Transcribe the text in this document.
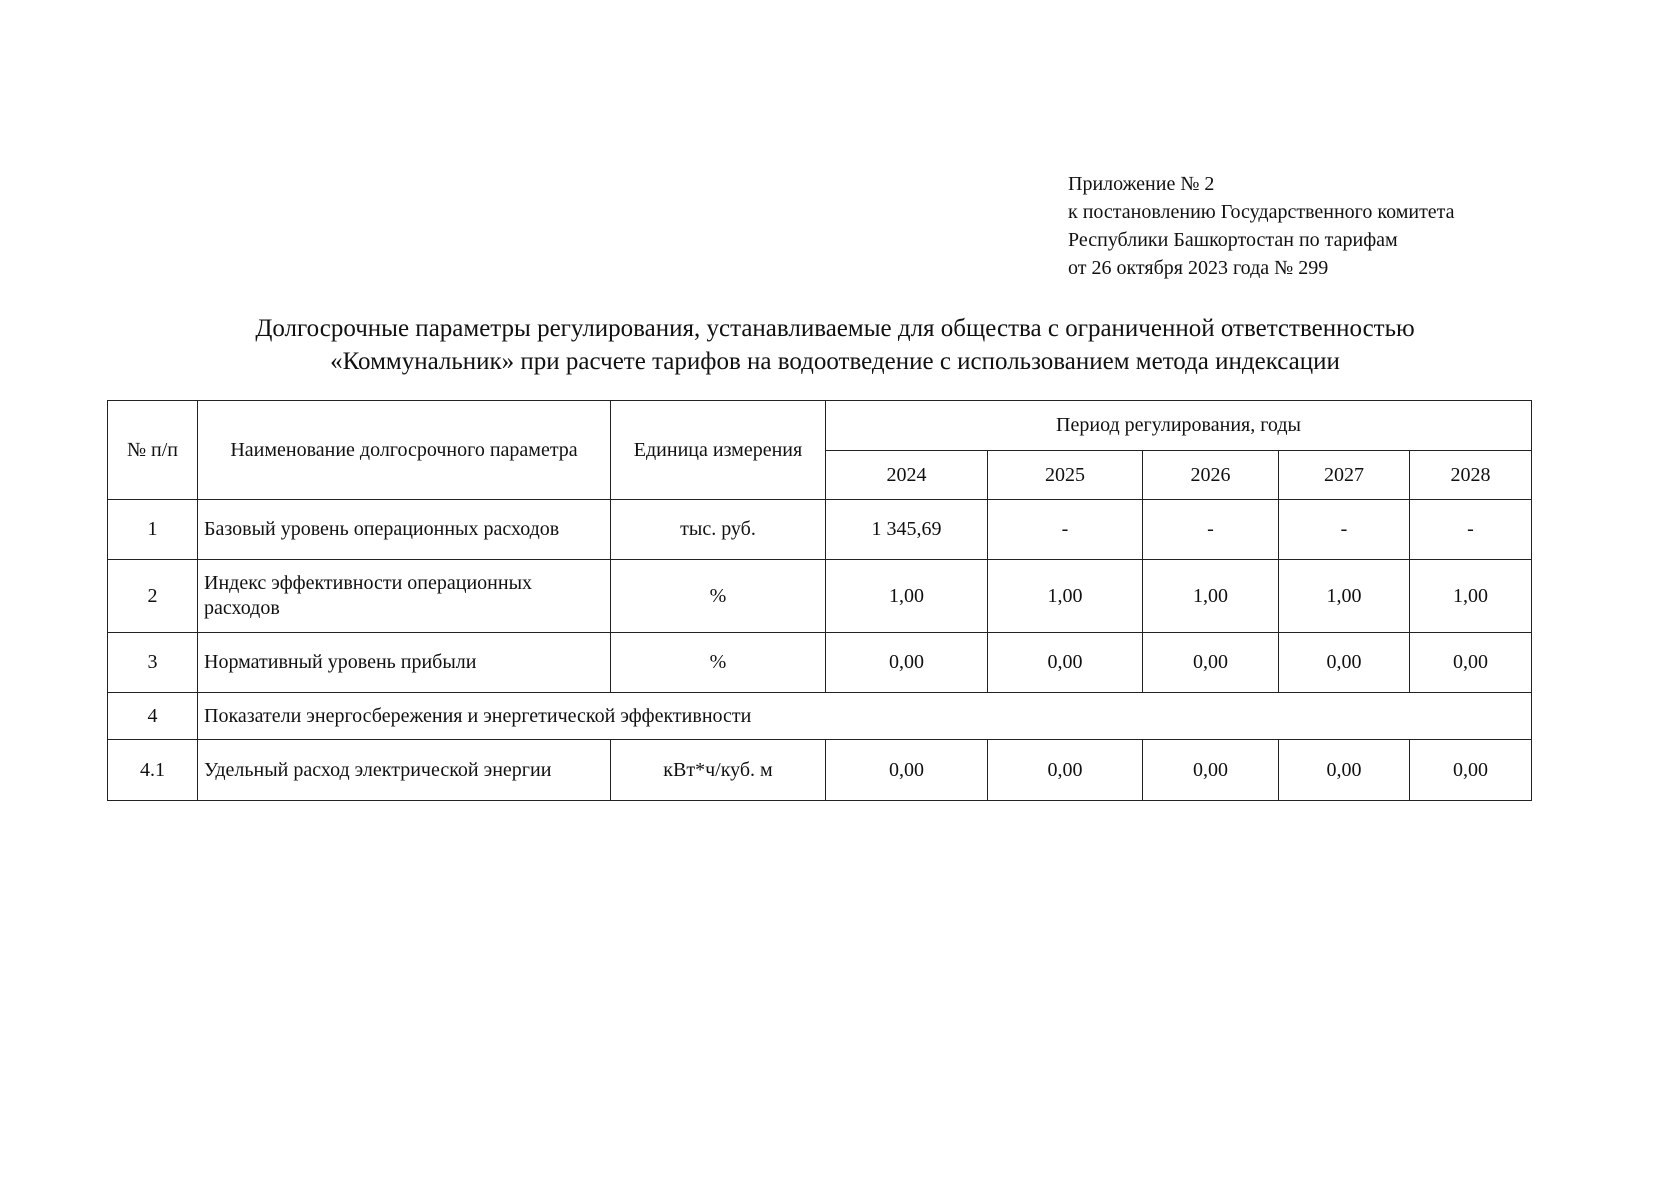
Приложение № 2
к постановлению Государственного комитета
Республики Башкортостан по тарифам
от 26 октября 2023 года № 299
Долгосрочные параметры регулирования, устанавливаемые для общества с ограниченной ответственностью
«Коммунальник» при расчете тарифов на водоотведение с использованием метода индексации
№ п/п	Наименование долгосрочного параметра	Единица измерения	Период регулирования, годы				
			2024	2025	2026	2027	2028
1	Базовый уровень операционных расходов	тыс. руб.	1 345,69	-	-	-	-
2	Индекс эффективности операционных расходов	%	1,00	1,00	1,00	1,00	1,00
3	Нормативный уровень прибыли	%	0,00	0,00	0,00	0,00	0,00
4	Показатели энергосбережения и энергетической эффективности						
4.1	Удельный расход электрической энергии	кВт*ч/куб. м	0,00	0,00	0,00	0,00	0,00
